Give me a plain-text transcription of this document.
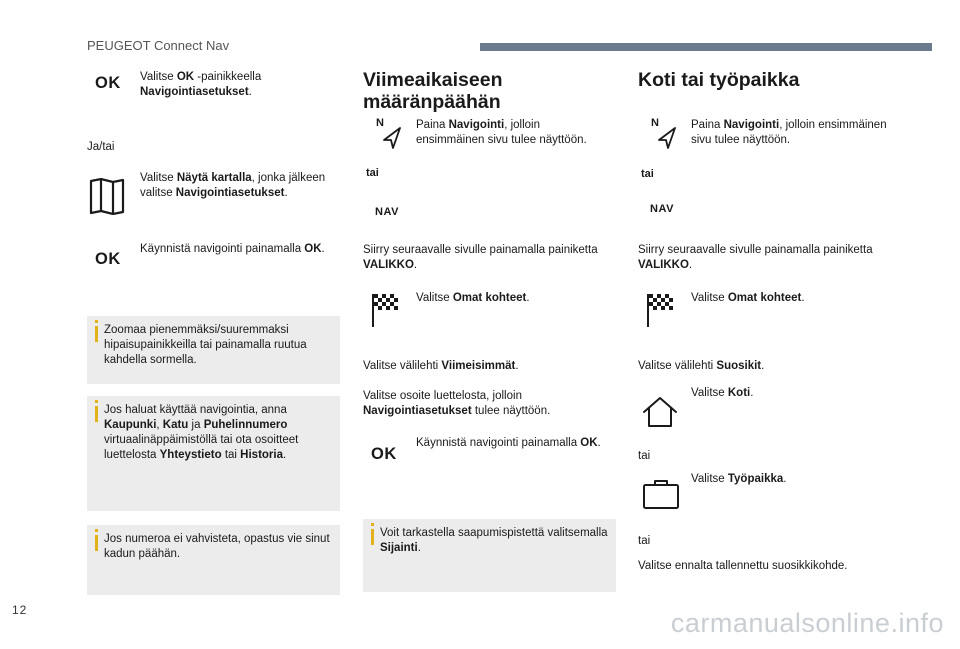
PEUGEOT Connect Nav
OK Valitse OK -painikkeella
Navigointiasetukset.
Ja/tai
Valitse Näytä kartalla, jonka jälkeen valitse Navigointiasetukset.
OK
Käynnistä navigointi painamalla OK.
Zoomaa pienemmäksi/suuremmaksi hipaisupainikkeilla tai painamalla ruutua kahdella sormella.
Jos haluat käyttää navigointia, anna Kaupunki, Katu ja Puhelinnumero virtuaalinäppäimistöllä tai ota osoitteet luettelosta Yhteystieto tai Historia.
Jos numeroa ei vahvisteta, opastus vie sinut kadun päähän.
Viimeaikaiseen määränpäähän
N	Paina Navigointi, jolloin ensimmäinen sivu tulee näyttöön.
tai
NAV
Siirry seuraavalle sivulle painamalla painiketta VALIKKO.
Valitse Omat kohteet.
Valitse välilehti Viimeisimmät.
Valitse osoite luettelosta, jolloin Navigointiasetukset tulee näyttöön.
OK
Käynnistä navigointi painamalla OK.
Voit tarkastella saapumispistettä valitsemalla Sijainti.
Koti tai työpaikka
N	Paina Navigointi, jolloin ensimmäinen sivu tulee näyttöön.
tai
NAV
Siirry seuraavalle sivulle painamalla painiketta VALIKKO.
Valitse Omat kohteet.
Valitse välilehti Suosikit.
Valitse Koti.
tai
Valitse Työpaikka.
tai
Valitse ennalta tallennettu suosikkikohde.
12	carmanualsonline.info
